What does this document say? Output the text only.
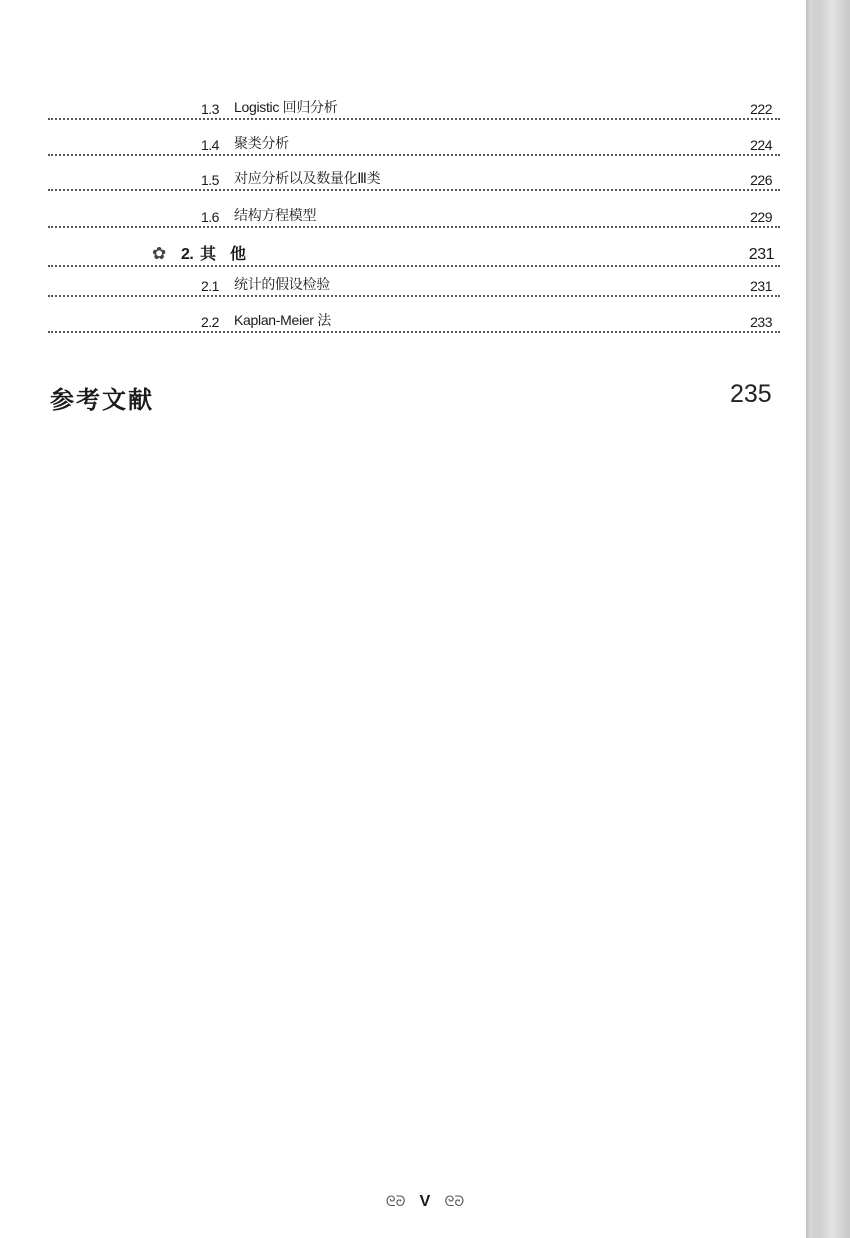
1.3 Logistic 回归分析	222
1.4 聚类分析	224
1.5 对应分析以及数量化Ⅲ类	226
1.6 结构方程模型	229
✿ 2. 其他	231
2.1 统计的假设检验	231
2.2 Kaplan-Meier 法	233
参考文献	235
ᘓᘒ V ᘓᘒ
